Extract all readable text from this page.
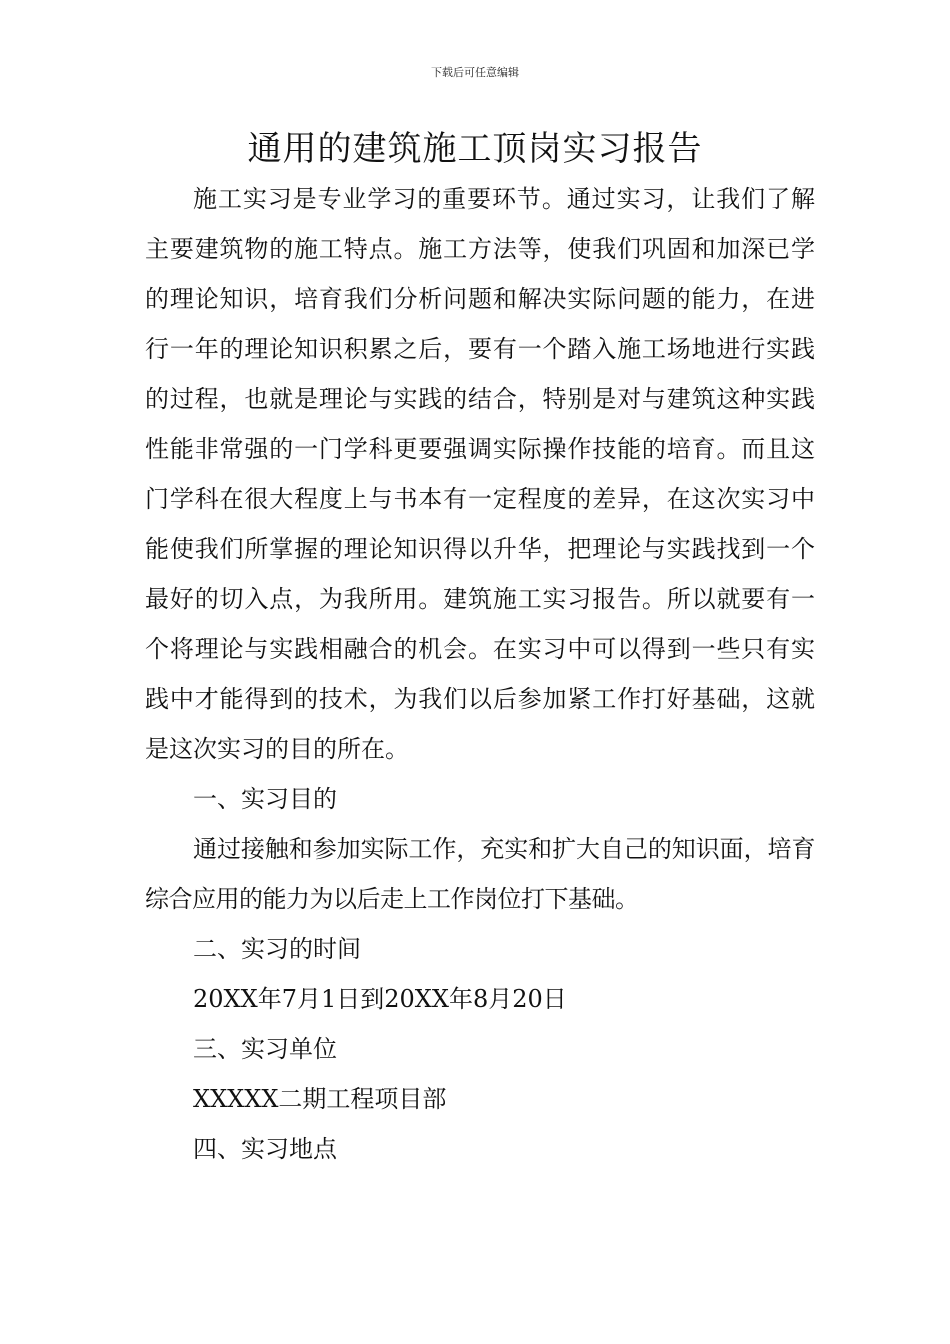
下载后可任意编辑
通用的建筑施工顶岗实习报告

施工实习是专业学习的重要环节。通过实习，让我们了解主要建筑物的施工特点。施工方法等，使我们巩固和加深已学的理论知识，培育我们分析问题和解决实际问题的能力，在进行一年的理论知识积累之后，要有一个踏入施工场地进行实践的过程，也就是理论与实践的结合，特别是对与建筑这种实践性能非常强的一门学科更要强调实际操作技能的培育。而且这门学科在很大程度上与书本有一定程度的差异，在这次实习中能使我们所掌握的理论知识得以升华，把理论与实践找到一个最好的切入点，为我所用。建筑施工实习报告。所以就要有一个将理论与实践相融合的机会。在实习中可以得到一些只有实践中才能得到的技术，为我们以后参加紧工作打好基础，这就是这次实习的目的所在。

一、实习目的

通过接触和参加实际工作，充实和扩大自己的知识面，培育综合应用的能力为以后走上工作岗位打下基础。

二、实习的时间

20XX年7月1日到20XX年8月20日

三、实习单位

XXXXX二期工程项目部

四、实习地点
